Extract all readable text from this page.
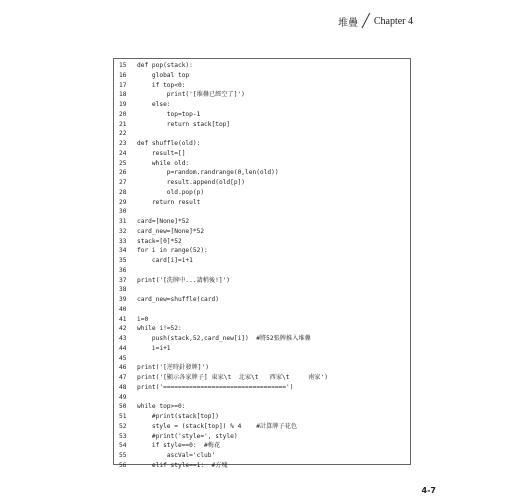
堆疊 ╱ Chapter 4
15	def pop(stack):
16	global top
17	if top<0:
18	print('[堆疊已經空了]')
19	else:
20	top=top-1
21	return stack[top]
22
23	def shuffle(old):
24	result=[]
25	while old:
26	p=random.randrange(0,len(old))
27	result.append(old[p])
28	old.pop(p)
29	return result
30
31	card=[None]*52
32	card_new=[None]*52
33	stack=[0]*52
34	for i in range(52):
35	card[i]=i+1
36
37	print('[洗牌中...請稍後!]')
38
39	card_new=shuffle(card)
40
41	i=0
42	while i!=52:
43	push(stack,52,card_new[i])  #將52張牌推入堆疊
44	i=i+1
45
46	print('[逆時針發牌]')
47	print('[顯示各家牌子] 東家\t  北家\t   西家\t     南家')
48	print('=================================')
49
50	while top>=0:
51	#print(stack[top])
52	style = (stack[top]) % 4    #計算牌子花色
53	#print('style=', style)
54	if style==0:  #梅花
55	ascVal='club'
56	elif style==1:  #方塊
4-7
